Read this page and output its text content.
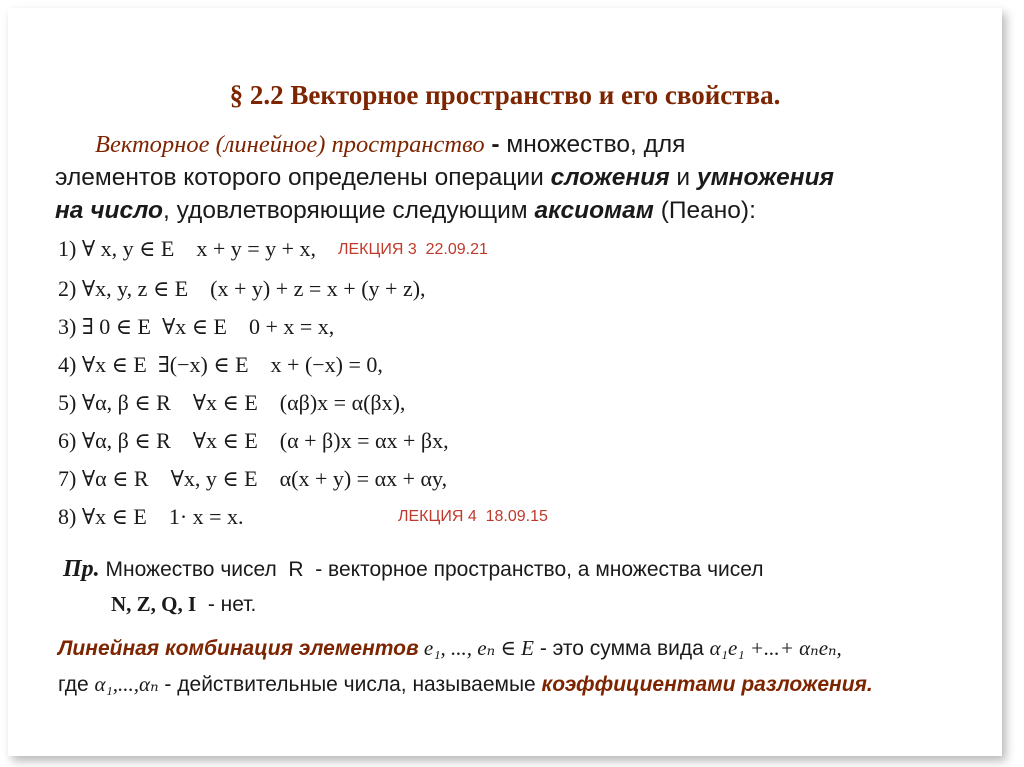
§ 2.2 Векторное пространство и его свойства.
Векторное (линейное) пространство - множество, для
элементов которого определены операции сложения и умножения
на число, удовлетворяющие следующим аксиомам (Пеано):
1) ∀ x, y ∈ E    x + y = y + x, ЛЕКЦИЯ 3  22.09.21
2) ∀x, y, z ∈ E    (x + y) + z = x + (y + z),
3) ∃ 0 ∈ E  ∀x ∈ E    0 + x = x,
4) ∀x ∈ E  ∃(−x) ∈ E    x + (−x) = 0,
5) ∀α, β ∈ R    ∀x ∈ E    (αβ)x = α(βx),
6) ∀α, β ∈ R    ∀x ∈ E    (α + β)x = αx + βx,
7) ∀α ∈ R    ∀x, y ∈ E    α(x + y) = αx + αy,
8) ∀x ∈ E    1· x = x.	ЛЕКЦИЯ 4  18.09.15
Пр. Множество чисел  R  - векторное пространство, а множества чисел
N, Z, Q, I  - нет.
Линейная комбинация элементов e₁, ..., eₙ ∈ E - это сумма вида α₁e₁ +...+ αₙeₙ,
где α₁,...,αₙ - действительные числа, называемые коэффициентами разложения.
